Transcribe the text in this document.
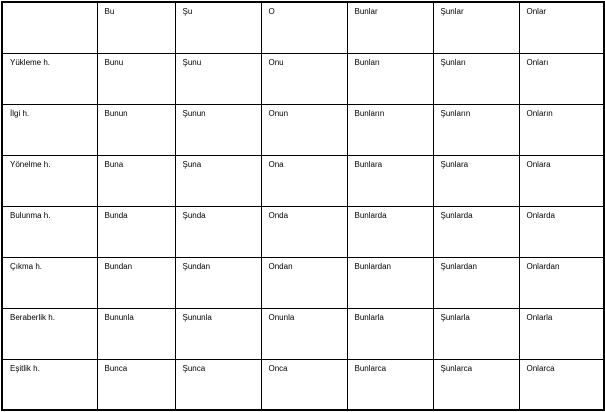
	Bu	Şu	O	Bunlar	Şunlar	Onlar
Yükleme h.	Bunu	Şunu	Onu	Bunları	Şunları	Onları
İlgi h.	Bunun	Şunun	Onun	Bunların	Şunların	Onların
Yönelme h.	Buna	Şuna	Ona	Bunlara	Şunlara	Onlara
Bulunma h.	Bunda	Şunda	Onda	Bunlarda	Şunlarda	Onlarda
Çıkma h.	Bundan	Şundan	Ondan	Bunlardan	Şunlardan	Onlardan
Beraberlik h.	Bununla	Şununla	Onunla	Bunlarla	Şunlarla	Onlarla
Eşitlik h.	Bunca	Şunca	Onca	Bunlarca	Şunlarca	Onlarca
